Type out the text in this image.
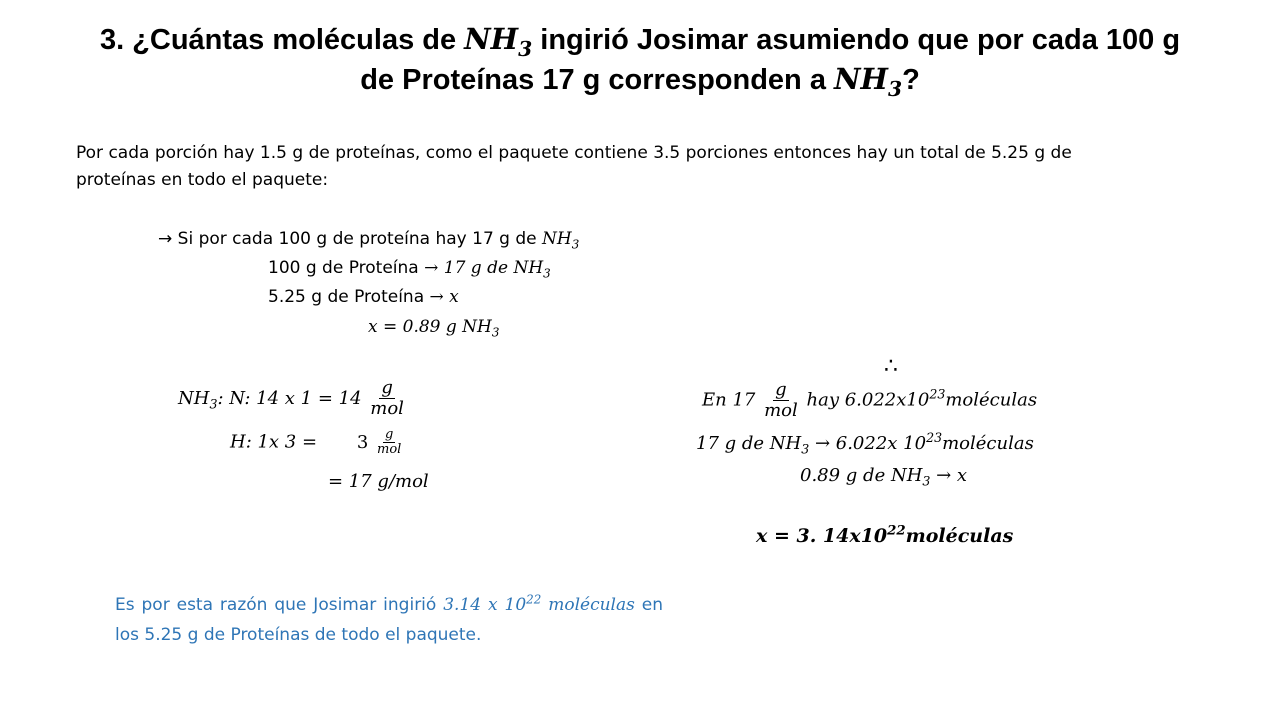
3. ¿Cuántas moléculas de $NH_3$ ingirió Josimar asumiendo que por cada 100 g
de Proteínas 17 g corresponden a $NH_3$?
Por cada porción hay 1.5 g de proteínas, como el paquete contiene 3.5 porciones entonces hay un total de 5.25 g de
proteínas en todo el paquete:
→ Si por cada 100 g de proteína hay 17 g de $NH_3$
100 g de Proteína → 17 g de $NH_3$
5.25 g de Proteína → x
x = 0.89 g $NH_3$
$NH_3$: N: 14 x $1 = 14 \frac{g}{\text{mol}}$
H: 1x $3 = 3 \frac{g}{\text{mol}}$
= 17 g/mol
∴
En $17 \frac{g}{\text{mol}}$ hay $6.022x10^{23}moléculas$
17 g de $NH_3 \to 6.022x$ $10^{23}moléculas$
0.89 g de $NH_3 \to x$
x = 3. $14x10^{22}moléculas$
Es por esta razón que Josimar ingirió 3.14 x $10^{22}$ moléculas en los 5.25 g de Proteínas de todo el paquete.
